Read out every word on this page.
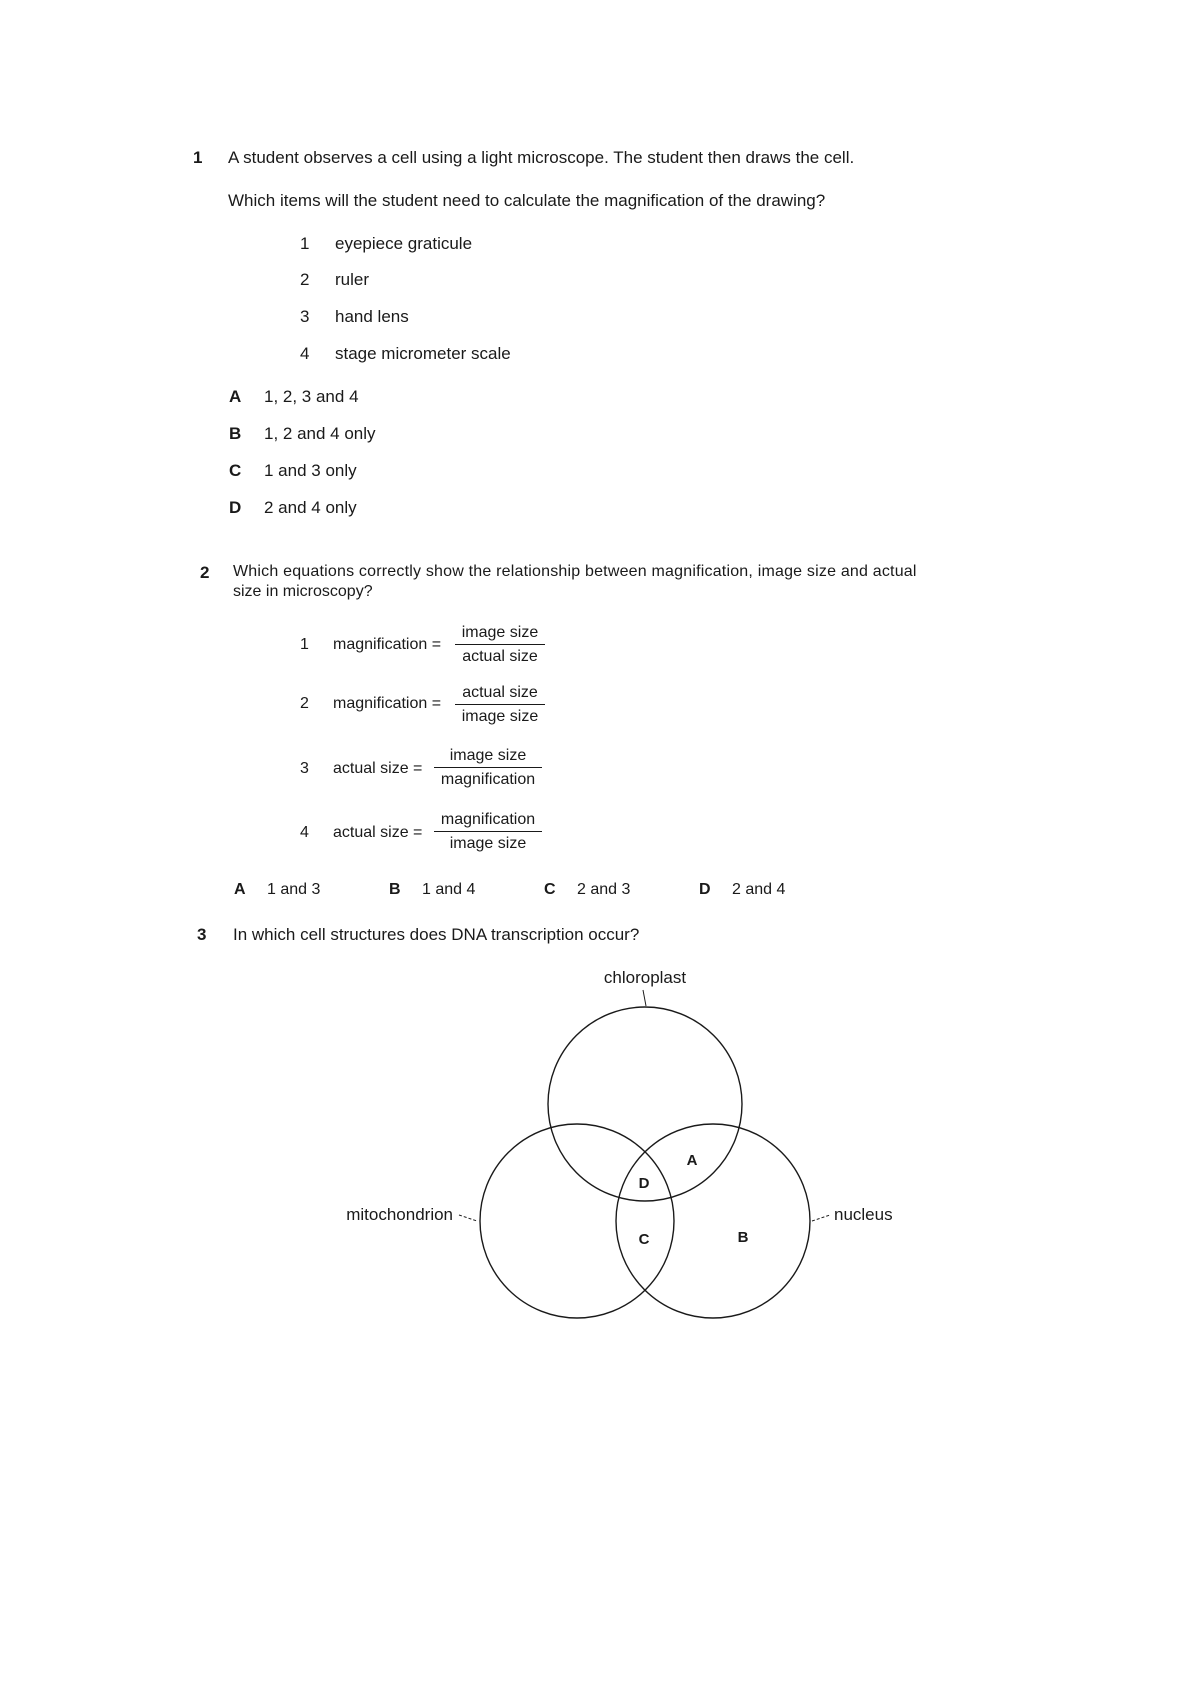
1 A student observes a cell using a light microscope. The student then draws the cell.
Which items will the student need to calculate the magnification of the drawing?
1 eyepiece graticule
2 ruler
3 hand lens
4 stage micrometer scale
A 1, 2, 3 and 4
B 1, 2 and 4 only
C 1 and 3 only
D 2 and 4 only
2 Which equations correctly show the relationship between magnification, image size and actual
size in microscopy?
1 magnification =
image size
actual size
2 magnification =
actual size
image size
3 actual size =
image size
magnification
4 actual size =
magnification
image size
A 1 and 3	B 1 and 4	C 2 and 3	D 2 and 4
3 In which cell structures does DNA transcription occur?
chloroplast
mitochondrion	nucleus
A
D
C	B
